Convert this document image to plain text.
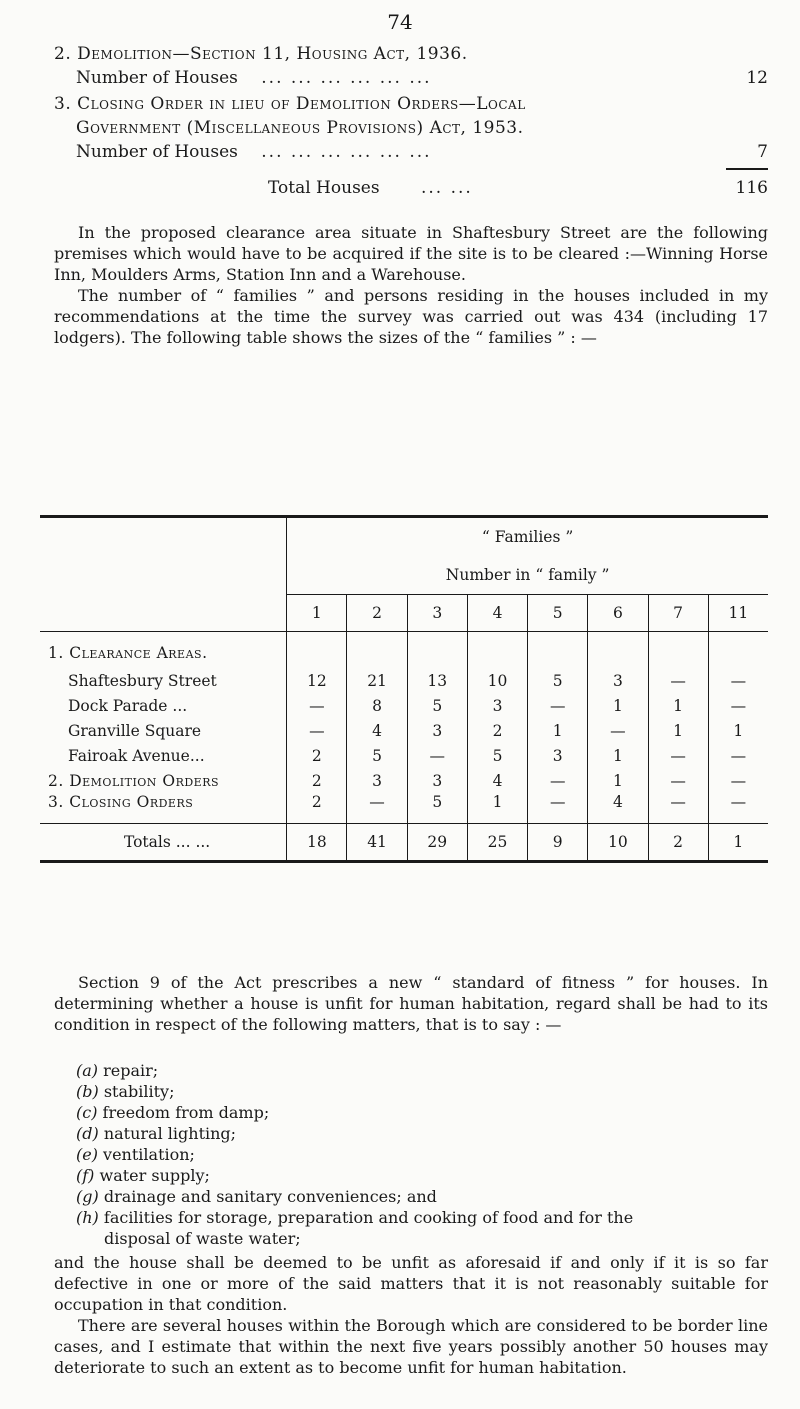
74
2. Demolition—Section 11, Housing Act, 1936.
Number of Houses ... ... ... ... ... ...	12
3. Closing Order in lieu of Demolition Orders—Local
Government (Miscellaneous Provisions) Act, 1953.
Number of Houses ... ... ... ... ... ...	7
Total Houses ... ...	116

In the proposed clearance area situate in Shaftesbury Street are the following premises which would have to be acquired if the site is to be cleared :—Winning Horse Inn, Moulders Arms, Station Inn and a Warehouse.

The number of “ families ” and persons residing in the houses included in my recommendations at the time the survey was carried out was 434 (including 17 lodgers). The following table shows the sizes of the “ families ” : —

	“ Families ”							
	Number in “ family ”							
	1	2	3	4	5	6	7	11
1. Clearance Areas.								
Shaftesbury Street	12	21	13	10	5	3	—	—
Dock Parade ...	—	8	5	3	—	1	1	—
Granville Square	—	4	3	2	1	—	1	1
Fairoak Avenue...	2	5	—	5	3	1	—	—
2. Demolition Orders	2	3	3	4	—	1	—	—
3. Closing Orders	2	—	5	1	—	4	—	—
Totals ... ...	18	41	29	25	9	10	2	1

Section 9 of the Act prescribes a new “ standard of fitness ” for houses. In determining whether a house is unfit for human habitation, regard shall be had to its condition in respect of the following matters, that is to say : —

(a) repair;
(b) stability;
(c) freedom from damp;
(d) natural lighting;
(e) ventilation;
(f) water supply;
(g) drainage and sanitary conveniences; and
(h) facilities for storage, preparation and cooking of food and for the
disposal of waste water;

and the house shall be deemed to be unfit as aforesaid if and only if it is so far defective in one or more of the said matters that it is not reasonably suitable for occupation in that condition.

There are several houses within the Borough which are considered to be border line cases, and I estimate that within the next five years possibly another 50 houses may deteriorate to such an extent as to become unfit for human habitation.
